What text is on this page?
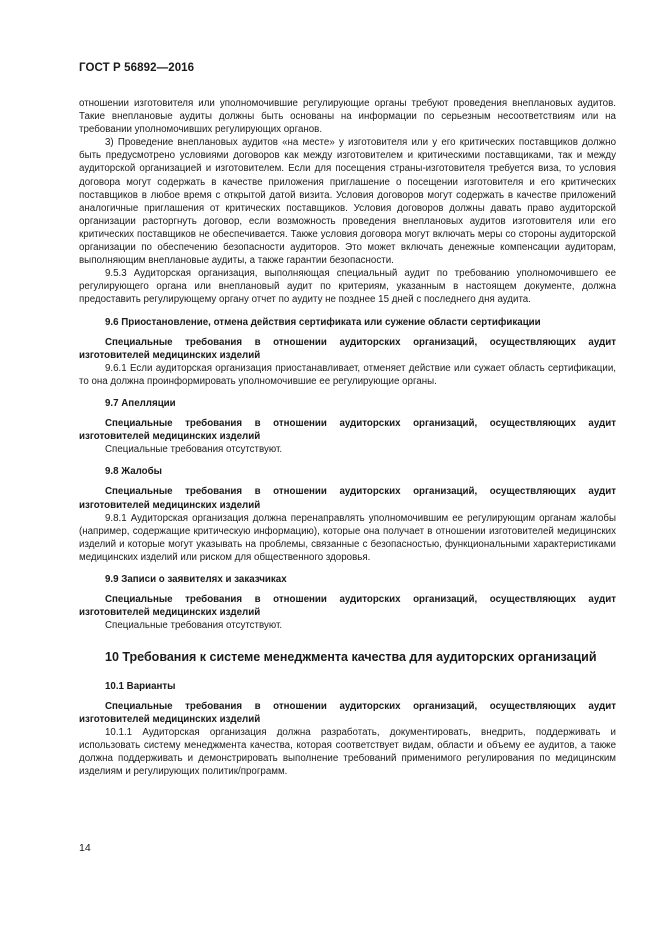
ГОСТ Р 56892—2016

отношении изготовителя или уполномочившие регулирующие органы требуют проведения внеплановых аудитов. Такие внеплановые аудиты должны быть основаны на информации по серьезным несоответствиям или на требовании уполномочивших регулирующих органов.

3) Проведение внеплановых аудитов «на месте» у изготовителя или у его критических поставщиков должно быть предусмотрено условиями договоров как между изготовителем и критическими поставщиками, так и между аудиторской организацией и изготовителем. Если для посещения страны-изготовителя требуется виза, то условия договора могут содержать в качестве приложения приглашение о посещении изготовителя и его критических поставщиков в любое время с открытой датой визита. Условия договоров могут содержать в качестве приложений аналогичные приглашения от критических поставщиков. Условия договоров должны давать право аудиторской организации расторгнуть договор, если возможность проведения внеплановых аудитов изготовителя или его критических поставщиков не обеспечивается. Также условия договора могут включать меры со стороны аудиторской организации по обеспечению безопасности аудиторов. Это может включать денежные компенсации аудиторам, выполняющим внеплановые аудиты, а также гарантии безопасности.

9.5.3 Аудиторская организация, выполняющая специальный аудит по требованию уполномочившего ее регулирующего органа или внеплановый аудит по критериям, указанным в настоящем документе, должна предоставить регулирующему органу отчет по аудиту не позднее 15 дней с последнего дня аудита.

9.6 Приостановление, отмена действия сертификата или сужение области сертификации

Специальные требования в отношении аудиторских организаций, осуществляющих аудит изготовителей медицинских изделий

9.6.1 Если аудиторская организация приостанавливает, отменяет действие или сужает область сертификации, то она должна проинформировать уполномочившие ее регулирующие органы.

9.7 Апелляции

Специальные требования в отношении аудиторских организаций, осуществляющих аудит изготовителей медицинских изделий

Специальные требования отсутствуют.

9.8 Жалобы

Специальные требования в отношении аудиторских организаций, осуществляющих аудит изготовителей медицинских изделий

9.8.1 Аудиторская организация должна перенаправлять уполномочившим ее регулирующим органам жалобы (например, содержащие критическую информацию), которые она получает в отношении изготовителей медицинских изделий и которые могут указывать на проблемы, связанные с безопасностью, функциональными характеристиками медицинских изделий или риском для общественного здоровья.

9.9 Записи о заявителях и заказчиках

Специальные требования в отношении аудиторских организаций, осуществляющих аудит изготовителей медицинских изделий

Специальные требования отсутствуют.

10 Требования к системе менеджмента качества для аудиторских организаций

10.1 Варианты

Специальные требования в отношении аудиторских организаций, осуществляющих аудит изготовителей медицинских изделий

10.1.1 Аудиторская организация должна разработать, документировать, внедрить, поддерживать и использовать систему менеджмента качества, которая соответствует видам, области и объему ее аудитов, а также должна поддерживать и демонстрировать выполнение требований применимого регулирования по медицинским изделиям и регулирующих политик/программ.

14
